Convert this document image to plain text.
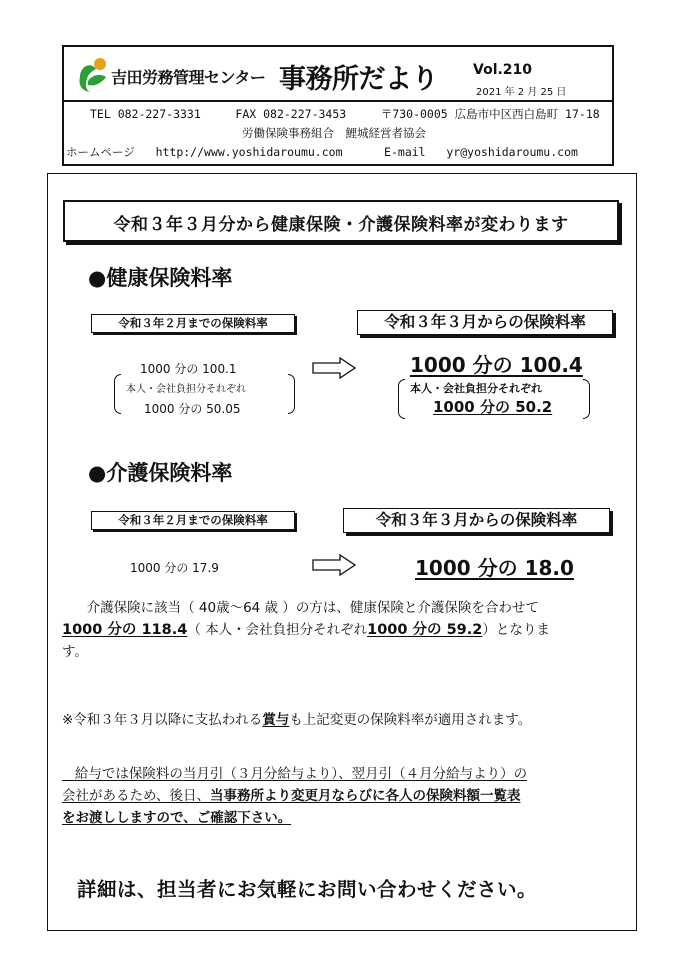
吉田労務管理センター 事務所だより	Vol.210
2021 年 2 月 25 日
TEL 082-227-3331	FAX 082-227-3453	〒730-0005 広島市中区西白島町 17-18
労働保険事務組合　鯉城経営者協会
ホームページ http://www.yoshidaroumu.com	E-mail yr@yoshidaroumu.com
令和３年３月分から健康保険・介護保険料率が変わります
●健康保険料率
令和３年２月までの保険料率	令和３年３月からの保険料率
1000 分の 100.1
本人・会社負担分それぞれ
1000 分の 50.05
1000 分の 100.4
本人・会社負担分それぞれ
1000 分の 50.2
●介護保険料率
令和３年２月までの保険料率	令和３年３月からの保険料率
1000 分の 17.9	1000 分の 18.0
介護保険に該当（ 40歳～64 歳 ）の方は、健康保険と介護保険を合わせて
1000 分の 118.4（ 本人・会社負担分それぞれ1000 分の 59.2）となりま
す。
※令和３年３月以降に支払われる賞与も上記変更の保険料率が適用されます。
給与では保険料の当月引（３月分給与より）、翌月引（４月分給与より）の
会社があるため、後日、当事務所より変更月ならびに各人の保険料額一覧表
をお渡ししますので、ご確認下さい。
詳細は、担当者にお気軽にお問い合わせください。
